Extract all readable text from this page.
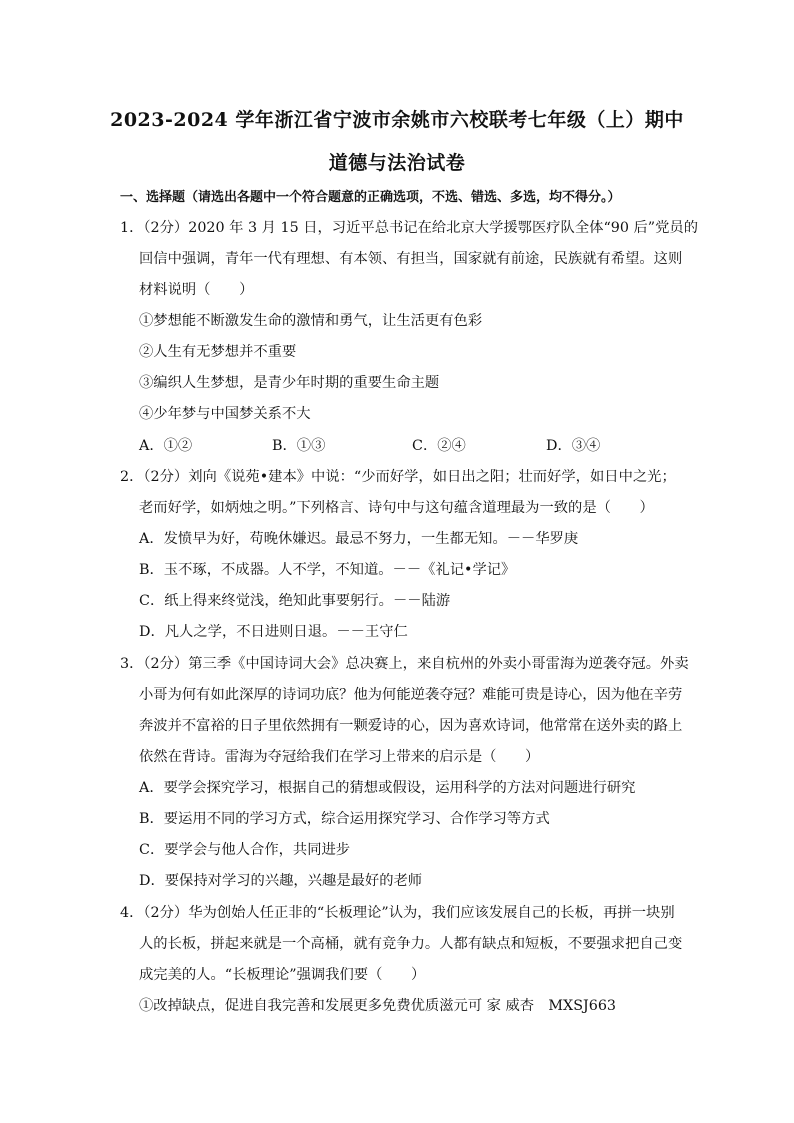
2023-2024 学年浙江省宁波市余姚市六校联考七年级（上）期中
道德与法治试卷
一、选择题（请选出各题中一个符合题意的正确选项，不选、错选、多选，均不得分。）
1．（2分）2020 年 3 月 15 日，习近平总书记在给北京大学援鄂医疗队全体“90 后”党员的
回信中强调，青年一代有理想、有本领、有担当，国家就有前途，民族就有希望。这则
材料说明（　　）
①梦想能不断激发生命的激情和勇气，让生活更有色彩
②人生有无梦想并不重要
③编织人生梦想，是青少年时期的重要生命主题
④少年梦与中国梦关系不大
A．①②	B．①③	C．②④	D．③④
2．（2分）刘向《说苑•建本》中说：“少而好学，如日出之阳；壮而好学，如日中之光；
老而好学，如炳烛之明。”下列格言、诗句中与这句蕴含道理最为一致的是（　　）
A．发愤早为好，苟晚休嫌迟。最忌不努力，一生都无知。－－华罗庚
B．玉不琢，不成器。人不学，不知道。－－《礼记•学记》
C．纸上得来终觉浅，绝知此事要躬行。－－陆游
D．凡人之学，不日进则日退。－－王守仁
3．（2分）第三季《中国诗词大会》总决赛上，来自杭州的外卖小哥雷海为逆袭夺冠。外卖
小哥为何有如此深厚的诗词功底？他为何能逆袭夺冠？难能可贵是诗心，因为他在辛劳
奔波并不富裕的日子里依然拥有一颗爱诗的心，因为喜欢诗词，他常常在送外卖的路上
依然在背诗。雷海为夺冠给我们在学习上带来的启示是（　　）
A．要学会探究学习，根据自己的猜想或假设，运用科学的方法对问题进行研究
B．要运用不同的学习方式，综合运用探究学习、合作学习等方式
C．要学会与他人合作，共同进步
D．要保持对学习的兴趣，兴趣是最好的老师
4．（2分）华为创始人任正非的“长板理论”认为，我们应该发展自己的长板，再拼一块别
人的长板，拼起来就是一个高桶，就有竞争力。人都有缺点和短板，不要强求把自己变
成完美的人。“长板理论”强调我们要（　　）
①改掉缺点，促进自我完善和发展更多免费优质滋元可 家 威杏　MXSJ663
